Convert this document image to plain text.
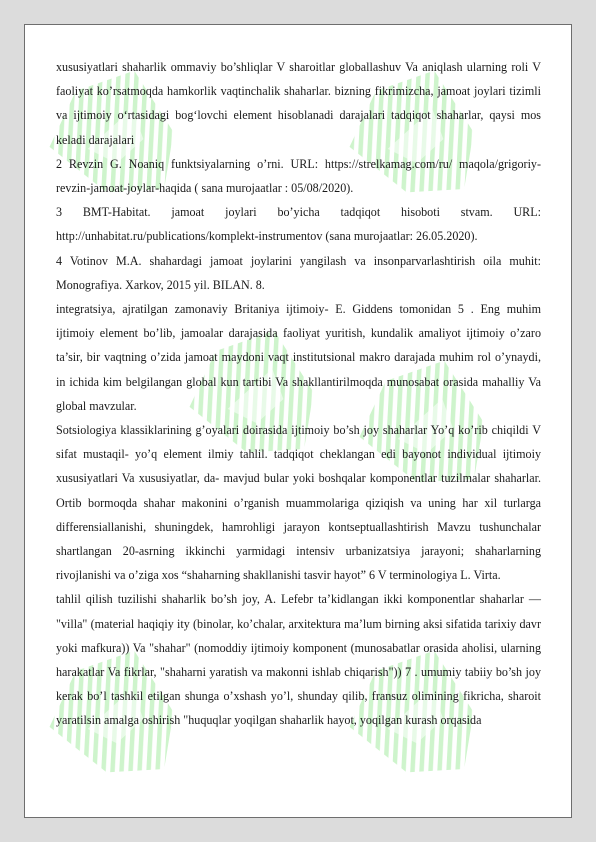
xususiyatlari shaharlik ommaviy bo’shliqlar V sharoitlar globallashuv Va aniqlash ularning roli V faoliyat ko’rsatmoqda hamkorlik vaqtinchalik shaharlar. bizning fikrimizcha, jamoat joylari tizimli va ijtimoiy o‘rtasidagi bog‘lovchi element hisoblanadi darajalari tadqiqot shaharlar, qaysi mos keladi darajalari

2 Revzin G. Noaniq funktsiyalarning o’rni. URL: https://strelkamag.com/ru/ maqola/grigoriy-revzin-jamoat-joylar-haqida ( sana murojaatlar : 05/08/2020).

3 BMT-Habitat. jamoat joylari bo’yicha tadqiqot hisoboti stvam. URL: http://unhabitat.ru/publications/komplekt-instrumentov (sana murojaatlar: 26.05.2020).

4 Votinov M.A. shahardagi jamoat joylarini yangilash va insonparvarlashtirish oila muhit: Monografiya. Xarkov, 2015 yil. BILAN. 8.

integratsiya, ajratilgan zamonaviy Britaniya ijtimoiy- E. Giddens tomonidan 5 . Eng muhim ijtimoiy element bo’lib, jamoalar darajasida faoliyat yuritish, kundalik amaliyot ijtimoiy o’zaro ta’sir, bir vaqtning o’zida jamoat maydoni vaqt institutsional makro darajada muhim rol o’ynaydi, in ichida kim belgilangan global kun tartibi Va shakllantirilmoqda munosabat orasida mahalliy Va global mavzular.

Sotsiologiya klassiklarining g’oyalari doirasida ijtimoiy bo’sh joy shaharlar Yo’q ko’rib chiqildi V sifat mustaqil- yo’q element ilmiy tahlil. tadqiqot cheklangan edi bayonot individual ijtimoiy xususiyatlari Va xususiyatlar, da- mavjud bular yoki boshqalar komponentlar tuzilmalar shaharlar. Ortib bormoqda shahar makonini o’rganish muammolariga qiziqish va uning har xil turlarga differensiallanishi, shuningdek, hamrohligi jarayon kontseptuallashtirish Mavzu tushunchalar shartlangan 20-asrning ikkinchi yarmidagi intensiv urbanizatsiya jarayoni; shaharlarning rivojlanishi va o’ziga xos “shaharning shakllanishi tasvir hayot” 6 V terminologiya L. Virta.

tahlil qilish tuzilishi shaharlik bo’sh joy, A. Lefebr ta’kidlangan ikki komponentlar shaharlar — "villa" (material haqiqiy ity (binolar, ko’chalar, arxitektura ma’lum birning aksi sifatida tarixiy davr yoki mafkura)) Va "shahar" (nomoddiy ijtimoiy komponent (munosabatlar orasida aholisi, ularning harakatlar Va fikrlar, "shaharni yaratish va makonni ishlab chiqarish")) 7 . umumiy tabiiy bo’sh joy kerak bo’l tashkil etilgan shunga o’xshash yo’l, shunday qilib, fransuz olimining fikricha, sharoit yaratilsin amalga oshirish "huquqlar yoqilgan shaharlik hayot, yoqilgan kurash orqasida
